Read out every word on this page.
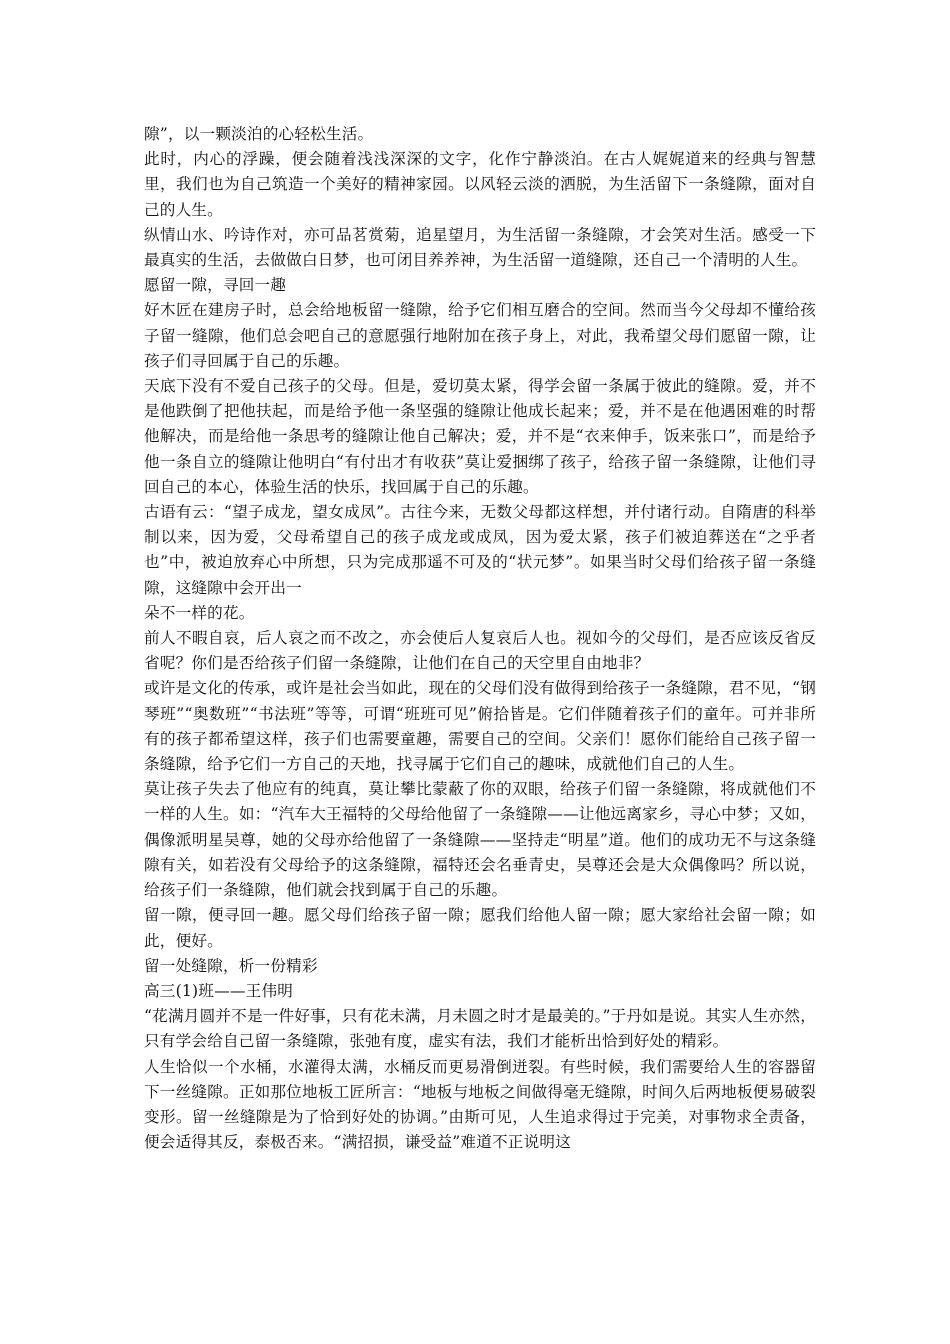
隙”，以一颗淡泊的心轻松生活。

此时，内心的浮躁，便会随着浅浅深深的文字，化作宁静淡泊。在古人娓娓道来的经典与智慧里，我们也为自己筑造一个美好的精神家园。以风轻云淡的洒脱，为生活留下一条缝隙，面对自己的人生。

纵情山水、吟诗作对，亦可品茗赏菊，追星望月，为生活留一条缝隙，才会笑对生活。感受一下最真实的生活，去做做白日梦，也可闭目养养神，为生活留一道缝隙，还自己一个清明的人生。

愿留一隙，寻回一趣

好木匠在建房子时，总会给地板留一缝隙，给予它们相互磨合的空间。然而当今父母却不懂给孩子留一缝隙，他们总会吧自己的意愿强行地附加在孩子身上，对此，我希望父母们愿留一隙，让孩子们寻回属于自己的乐趣。

天底下没有不爱自己孩子的父母。但是，爱切莫太紧，得学会留一条属于彼此的缝隙。爱，并不是他跌倒了把他扶起，而是给予他一条坚强的缝隙让他成长起来；爱，并不是在他遇困难的时帮他解决，而是给他一条思考的缝隙让他自己解决；爱，并不是“衣来伸手，饭来张口”，而是给予他一条自立的缝隙让他明白“有付出才有收获”莫让爱捆绑了孩子，给孩子留一条缝隙，让他们寻回自己的本心，体验生活的快乐，找回属于自己的乐趣。

古语有云：“望子成龙，望女成凤”。古往今来，无数父母都这样想，并付诸行动。自隋唐的科举制以来，因为爱，父母希望自己的孩子成龙或成凤，因为爱太紧，孩子们被迫葬送在“之乎者也”中，被迫放弃心中所想，只为完成那遥不可及的“状元梦”。如果当时父母们给孩子留一条缝隙，这缝隙中会开出一

朵不一样的花。

前人不暇自哀，后人哀之而不改之，亦会使后人复哀后人也。视如今的父母们，是否应该反省反省呢？你们是否给孩子们留一条缝隙，让他们在自己的天空里自由地非？

或许是文化的传承，或许是社会当如此，现在的父母们没有做得到给孩子一条缝隙，君不见，“钢琴班”“奥数班”“书法班”等等，可谓“班班可见”俯拾皆是。它们伴随着孩子们的童年。可并非所有的孩子都希望这样，孩子们也需要童趣，需要自己的空间。父亲们！愿你们能给自己孩子留一条缝隙，给予它们一方自己的天地，找寻属于它们自己的趣味，成就他们自己的人生。

莫让孩子失去了他应有的纯真，莫让攀比蒙蔽了你的双眼，给孩子们留一条缝隙，将成就他们不一样的人生。如：“汽车大王福特的父母给他留了一条缝隙——让他远离家乡，寻心中梦；又如，偶像派明星吴尊，她的父母亦给他留了一条缝隙——坚持走“明星”道。他们的成功无不与这条缝隙有关，如若没有父母给予的这条缝隙，福特还会名垂青史，吴尊还会是大众偶像吗？所以说，给孩子们一条缝隙，他们就会找到属于自己的乐趣。

留一隙，便寻回一趣。愿父母们给孩子留一隙；愿我们给他人留一隙；愿大家给社会留一隙；如此，便好。

留一处缝隙，析一份精彩

高三(1)班——王伟明

“花满月圆并不是一件好事，只有花未满，月未圆之时才是最美的。”于丹如是说。其实人生亦然，只有学会给自己留一条缝隙，张弛有度，虚实有法，我们才能析出恰到好处的精彩。

人生恰似一个水桶，水灌得太满，水桶反而更易滑倒迸裂。有些时候，我们需要给人生的容器留下一丝缝隙。正如那位地板工匠所言：“地板与地板之间做得毫无缝隙，时间久后两地板便易破裂变形。留一丝缝隙是为了恰到好处的协调。”由斯可见，人生追求得过于完美，对事物求全责备，便会适得其反，泰极否来。“满招损，谦受益”难道不正说明这
